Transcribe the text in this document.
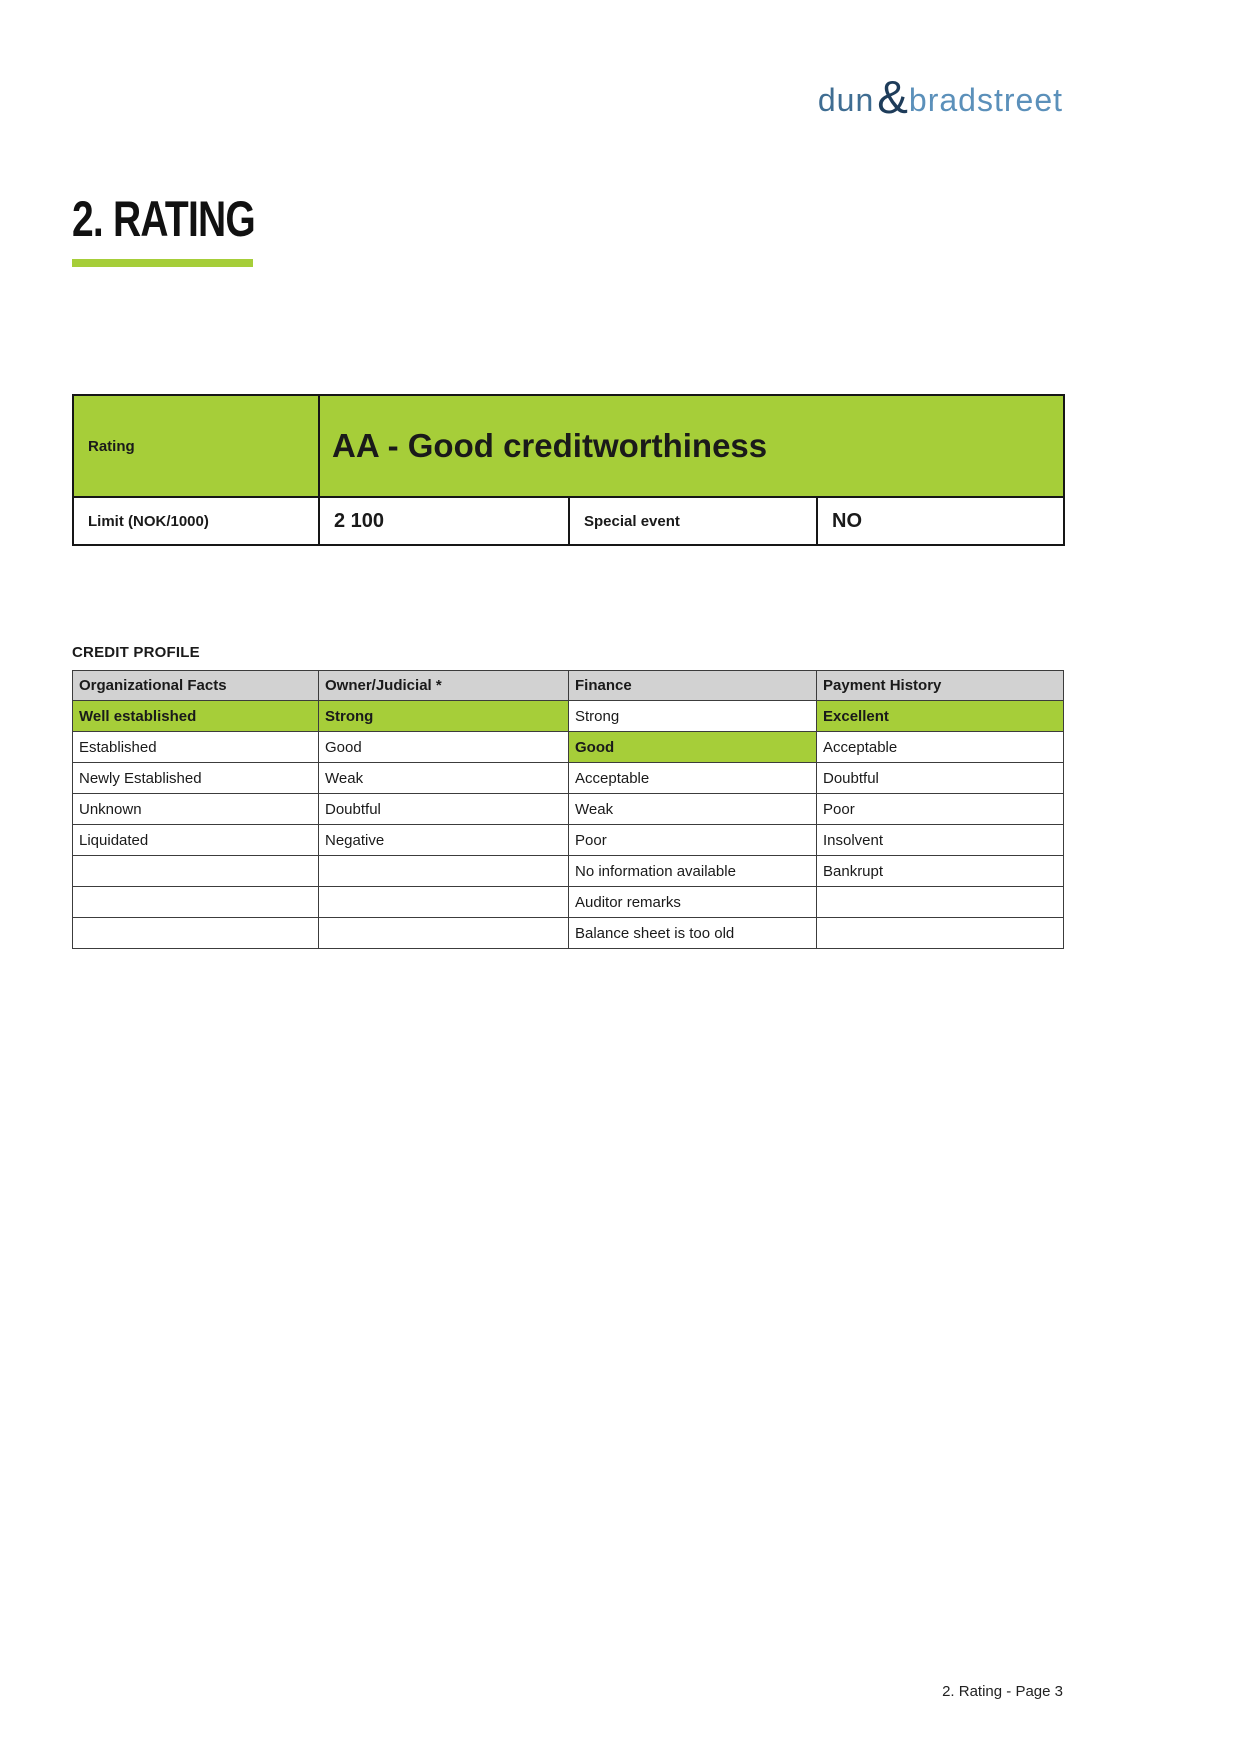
dun & bradstreet
2. RATING
Rating	AA - Good creditworthiness		
Limit (NOK/1000)	2 100	Special event	NO
CREDIT PROFILE
Organizational Facts	Owner/Judicial *	Finance	Payment History
Well established	Strong	Strong	Excellent
Established	Good	Good	Acceptable
Newly Established	Weak	Acceptable	Doubtful
Unknown	Doubtful	Weak	Poor
Liquidated	Negative	Poor	Insolvent
		No information available	Bankrupt
		Auditor remarks	
		Balance sheet is too old	
2. Rating - Page 3
